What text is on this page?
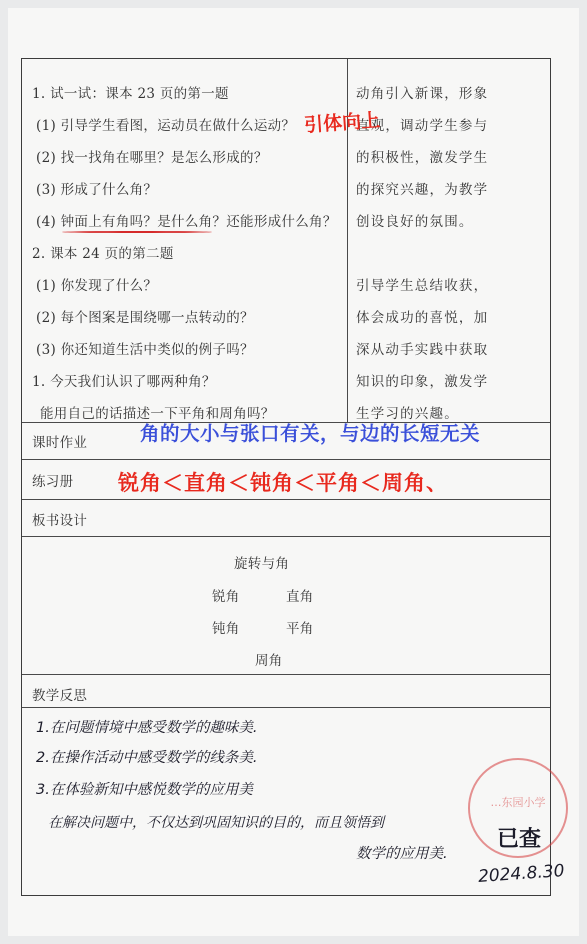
1. 试一试：课本 23 页的第一题
(1) 引导学生看图，运动员在做什么运动？
(2) 找一找角在哪里？是怎么形成的？
(3) 形成了什么角？
(4) 钟面上有角吗？是什么角？还能形成什么角？
2. 课本 24 页的第二题
(1) 你发现了什么？
(2) 每个图案是围绕哪一点转动的？
(3) 你还知道生活中类似的例子吗？
1. 今天我们认识了哪两种角？
能用自己的话描述一下平角和周角吗？
动角引入新课，形象
直观，调动学生参与
的积极性，激发学生
的探究兴趣，为教学
创设良好的氛围。
引导学生总结收获，
体会成功的喜悦，加
深从动手实践中获取
知识的印象，激发学
生学习的兴趣。
课时作业
练习册
板书设计
教学反思
旋转与角
锐角	直角
钝角	平角
周角
引体向上
角的大小与张口有关，与边的长短无关
锐角＜直角＜钝角＜平角＜周角、
1.在问题情境中感受数学的趣味美.
2.在操作活动中感受数学的线条美.
3.在体验新知中感悦数学的应用美
在解决问题中，不仅达到巩固知识的目的，而且领悟到
数学的应用美.
…东园小学
已查
2024.8.30
